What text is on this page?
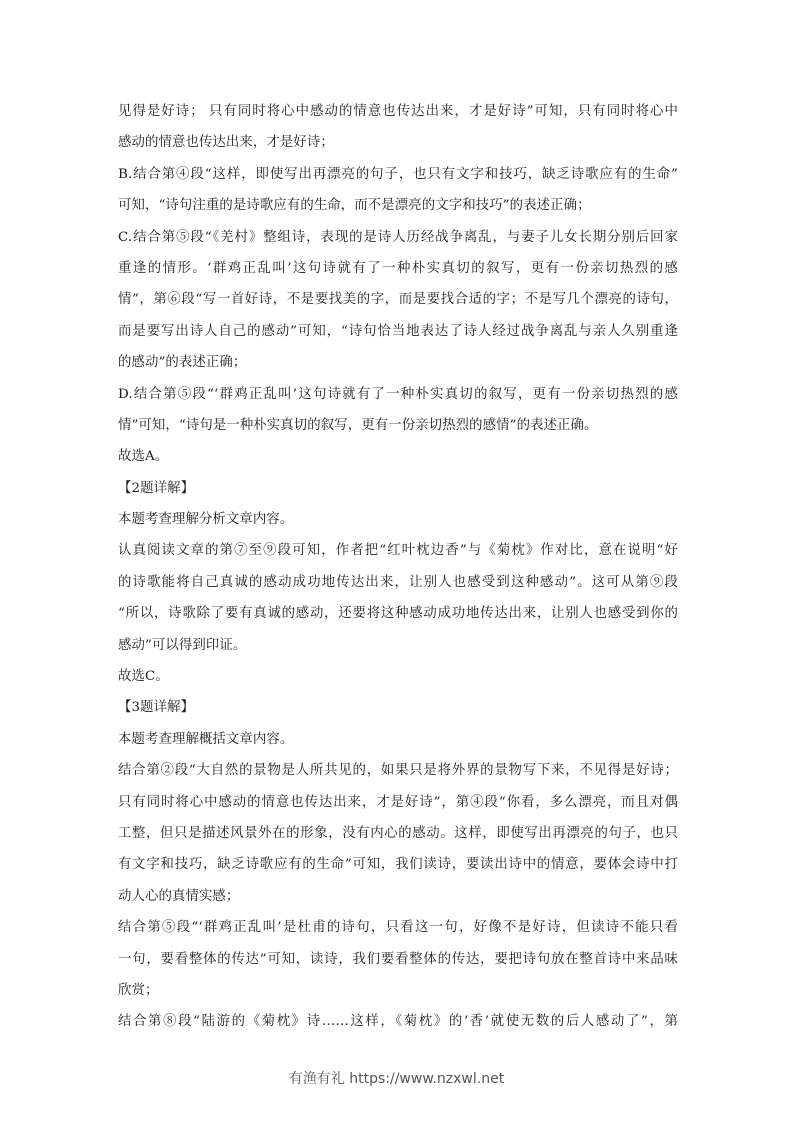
见得是好诗； 只有同时将心中感动的情意也传达出来，才是好诗”可知，只有同时将心中
感动的情意也传达出来，才是好诗；
B.结合第④段“这样，即使写出再漂亮的句子，也只有文字和技巧，缺乏诗歌应有的生命”
可知，“诗句注重的是诗歌应有的生命，而不是漂亮的文字和技巧”的表述正确；
C.结合第⑤段“《羌村》整组诗，表现的是诗人历经战争离乱，与妻子儿女长期分别后回家
重逢的情形。‘群鸡正乱叫’这句诗就有了一种朴实真切的叙写，更有一份亲切热烈的感
情”，第⑥段“写一首好诗，不是要找美的字，而是要找合适的字；不是写几个漂亮的诗句，
而是要写出诗人自己的感动”可知，“诗句恰当地表达了诗人经过战争离乱与亲人久别重逢
的感动”的表述正确；
D.结合第⑤段“‘群鸡正乱叫’这句诗就有了一种朴实真切的叙写，更有一份亲切热烈的感
情”可知，“诗句是一种朴实真切的叙写，更有一份亲切热烈的感情”的表述正确。
故选A。
【2题详解】
本题考查理解分析文章内容。
认真阅读文章的第⑦至⑨段可知，作者把“红叶枕边香”与《菊枕》作对比，意在说明“好
的诗歌能将自己真诚的感动成功地传达出来，让别人也感受到这种感动”。这可从第⑨段
“所以，诗歌除了要有真诚的感动，还要将这种感动成功地传达出来，让别人也感受到你的
感动”可以得到印证。
故选C。
【3题详解】
本题考查理解概括文章内容。
结合第②段“大自然的景物是人所共见的，如果只是将外界的景物写下来，不见得是好诗；
只有同时将心中感动的情意也传达出来，才是好诗”，第④段“你看，多么漂亮，而且对偶
工整，但只是描述风景外在的形象，没有内心的感动。这样，即使写出再漂亮的句子，也只
有文字和技巧，缺乏诗歌应有的生命”可知，我们读诗，要读出诗中的情意，要体会诗中打
动人心的真情实感；
结合第⑤段“‘群鸡正乱叫’是杜甫的诗句，只看这一句，好像不是好诗，但读诗不能只看
一句，要看整体的传达”可知，读诗，我们要看整体的传达，要把诗句放在整首诗中来品味
欣赏；
结合第⑧段“陆游的《菊枕》诗……这样，《菊枕》的‘香’就使无数的后人感动了”，第
有渔有礼 https://www.nzxwl.net
